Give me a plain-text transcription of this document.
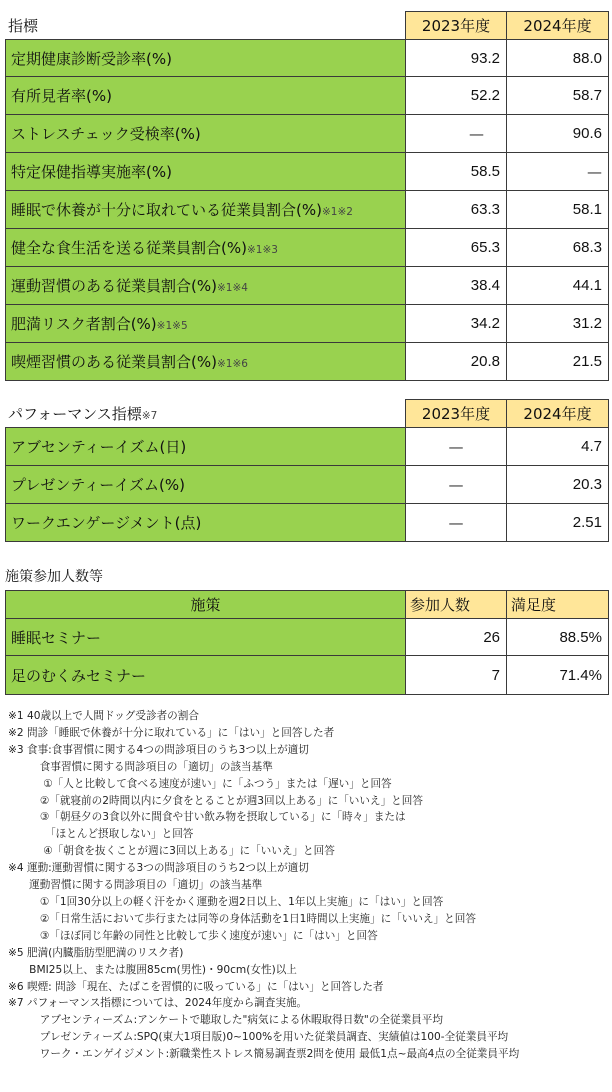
指標	2023年度	2024年度
定期健康診断受診率(%)	93.2	88.0
有所見者率(%)	52.2	58.7
ストレスチェック受検率(%)	—	90.6
特定保健指導実施率(%)	58.5	—
睡眠で休養が十分に取れている従業員割合(%)※1※2	63.3	58.1
健全な食生活を送る従業員割合(%)※1※3	65.3	68.3
運動習慣のある従業員割合(%)※1※4	38.4	44.1
肥満リスク者割合(%)※1※5	34.2	31.2
喫煙習慣のある従業員割合(%)※1※6	20.8	21.5
パフォーマンス指標※7	2023年度	2024年度
アブセンティーイズム(日)	—	4.7
プレゼンティーイズム(%)	—	20.3
ワークエンゲージメント(点)	—	2.51
施策参加人数等
施策	参加人数	満足度
睡眠セミナー	26	88.5%
足のむくみセミナー	7	71.4%
※1 40歳以上で人間ドッグ受診者の割合
※2 問診「睡眠で休養が十分に取れている」に「はい」と回答した者
※3 食事:食事習慣に関する4つの問診項目のうち3つ以上が適切
　　　食事習慣に関する問診項目の「適切」の該当基準
　　　 ①「人と比較して食べる速度が速い」に「ふつう」または「遅い」と回答
　　　②「就寝前の2時間以内に夕食をとることが週3回以上ある」に「いいえ」と回答
　　　③「朝昼夕の3食以外に間食や甘い飲み物を摂取している」に「時々」または
　　　　「ほとんど摂取しない」と回答
　　　 ④「朝食を抜くことが週に3回以上ある」に「いいえ」と回答
※4 運動:運動習慣に関する3つの問診項目のうち2つ以上が適切
　　運動習慣に関する問診項目の「適切」の該当基準
　　　①「1回30分以上の軽く汗をかく運動を週2日以上、1年以上実施」に「はい」と回答
　　　②「日常生活において歩行または同等の身体活動を1日1時間以上実施」に「いいえ」と回答
　　　③「ほぼ同じ年齢の同性と比較して歩く速度が速い」に「はい」と回答
※5 肥満(内臓脂肪型肥満のリスク者)
　　BMI25以上、または腹囲85cm(男性)・90cm(女性)以上
※6 喫煙: 問診「現在、たばこを習慣的に吸っている」に「はい」と回答した者
※7 パフォーマンス指標については、2024年度から調査実施。
　　　アブセンティーズム:アンケートで聴取した"病気による休暇取得日数"の全従業員平均
　　　プレゼンティーズム:SPQ(東大1項目版)0~100%を用いた従業員調査、実績値は100-全従業員平均
　　　ワーク・エンゲイジメント:新職業性ストレス簡易調査票2問を使用 最低1点~最高4点の全従業員平均
